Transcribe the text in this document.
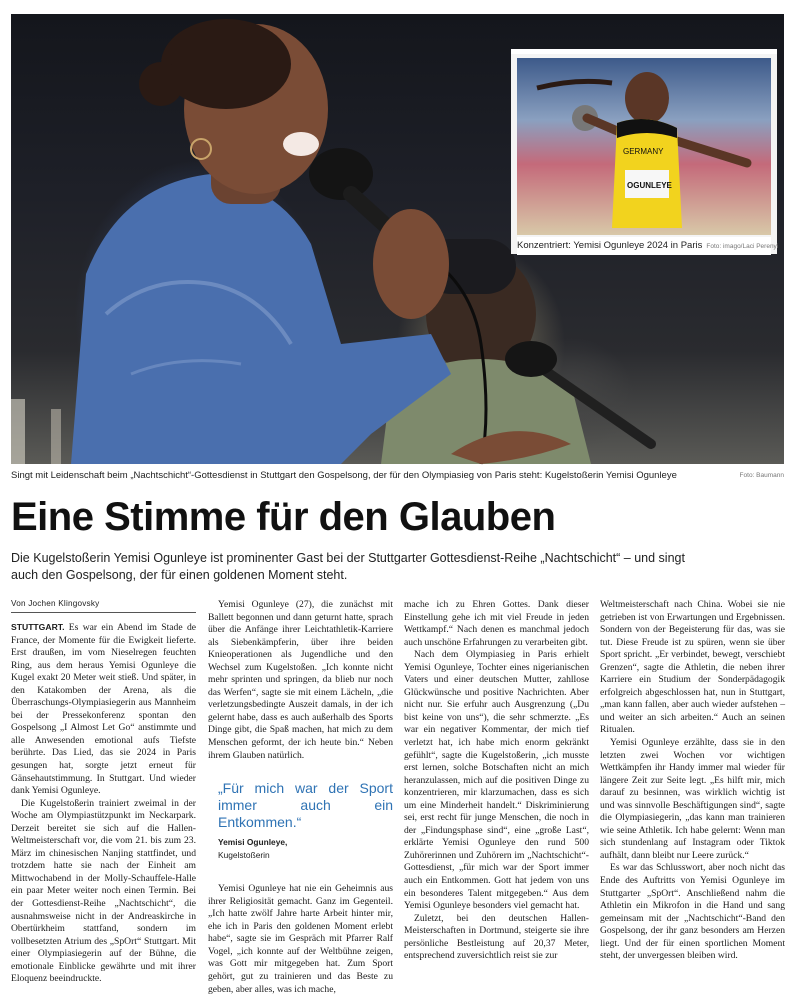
GERMANY
OGUNLEYE
Konzentriert: Yemisi Ogunleye 2024 in Paris Foto: imago/Laci Perenyi
Singt mit Leidenschaft beim „Nachtschicht“-Gottesdienst in Stuttgart den Gospelsong, der für den Olympiasieg von Paris steht: Kugelstoßerin Yemisi Ogunleye	Foto: Baumann
Eine Stimme für den Glauben

Die Kugelstoßerin Yemisi Ogunleye ist prominenter Gast bei der Stuttgarter Gottesdienst-Reihe „Nachtschicht“ – und singt auch den Gospelsong, der für einen goldenen Moment steht.

Von Jochen Klingovsky

STUTTGART. Es war ein Abend im Stade de France, der Momente für die Ewigkeit lieferte. Erst draußen, im vom Nieselregen feuchten Ring, aus dem heraus Yemisi Ogunleye die Kugel exakt 20 Meter weit stieß. Und später, in den Katakomben der Arena, als die Überraschungs-Olympiasiegerin aus Mannheim bei der Pressekonferenz spontan den Gospelsong „I Almost Let Go“ anstimmte und alle Anwesenden emotional aufs Tiefste berührte. Das Lied, das sie 2024 in Paris gesungen hat, sorgte jetzt erneut für Gänsehautstimmung. In Stuttgart. Und wieder dank Yemisi Ogunleye.

Die Kugelstoßerin trainiert zweimal in der Woche am Olympiastützpunkt im Neckarpark. Derzeit bereitet sie sich auf die Hallen-Weltmeisterschaft vor, die vom 21. bis zum 23. März im chinesischen Nanjing stattfindet, und trotzdem hatte sie nach der Einheit am Mittwochabend in der Molly-Schauffele-Halle ein paar Meter weiter noch einen Termin. Bei der Gottesdienst-Reihe „Nachtschicht“, die ausnahmsweise nicht in der Andreaskirche in Obertürkheim stattfand, sondern im vollbesetzten Atrium des „SpOrt“ Stuttgart. Mit einer Olympiasiegerin auf der Bühne, die emotionale Einblicke gewährte und mit ihrer Eloquenz beeindruckte.

Yemisi Ogunleye (27), die zunächst mit Ballett begonnen und dann geturnt hatte, sprach über die Anfänge ihrer Leichtathletik-Karriere als Siebenkämpferin, über ihre beiden Knieoperationen als Jugendliche und den Wechsel zum Kugelstoßen. „Ich konnte nicht mehr sprinten und springen, da blieb nur noch das Werfen“, sagte sie mit einem Lächeln, „die verletzungsbedingte Auszeit damals, in der ich gelernt habe, dass es auch außerhalb des Sports Dinge gibt, die Spaß machen, hat mich zu dem Menschen geformt, der ich heute bin.“ Neben ihrem Glauben natürlich.

„Für mich war der Sport immer auch ein Entkommen.“
Yemisi Ogunleye,
Kugelstoßerin

Yemisi Ogunleye hat nie ein Geheimnis aus ihrer Religiosität gemacht. Ganz im Gegenteil. „Ich hatte zwölf Jahre harte Arbeit hinter mir, ehe ich in Paris den goldenen Moment erlebt habe“, sagte sie im Gespräch mit Pfarrer Ralf Vogel, „ich konnte auf der Weltbühne zeigen, was Gott mir mitgegeben hat. Zum Sport gehört, gut zu trainieren und das Beste zu geben, aber alles, was ich mache,

mache ich zu Ehren Gottes. Dank dieser Einstellung gehe ich mit viel Freude in jeden Wettkampf.“ Nach denen es manchmal jedoch auch unschöne Erfahrungen zu verarbeiten gibt.

Nach dem Olympiasieg in Paris erhielt Yemisi Ogunleye, Tochter eines nigerianischen Vaters und einer deutschen Mutter, zahllose Glückwünsche und positive Nachrichten. Aber nicht nur. Sie erfuhr auch Ausgrenzung („Du bist keine von uns“), die sehr schmerzte. „Es war ein negativer Kommentar, der mich tief verletzt hat, ich habe mich enorm gekränkt gefühlt“, sagte die Kugelstoßerin, „ich musste erst lernen, solche Botschaften nicht an mich heranzulassen, mich auf die positiven Dinge zu konzentrieren, mir klarzumachen, dass es sich um eine Minderheit handelt.“ Diskriminierung sei, erst recht für junge Menschen, die noch in der „Findungsphase sind“, eine „große Last“, erklärte Yemisi Ogunleye den rund 500 Zuhörerinnen und Zuhörern im „Nachtschicht“-Gottesdienst, „für mich war der Sport immer auch ein Entkommen. Gott hat jedem von uns ein besonderes Talent mitgegeben.“ Aus dem Yemisi Ogunleye besonders viel gemacht hat.

Zuletzt, bei den deutschen Hallen-Meisterschaften in Dortmund, steigerte sie ihre persönliche Bestleistung auf 20,37 Meter, entsprechend zuversichtlich reist sie zur

Weltmeisterschaft nach China. Wobei sie nie getrieben ist von Erwartungen und Ergebnissen. Sondern von der Begeisterung für das, was sie tut. Diese Freude ist zu spüren, wenn sie über Sport spricht. „Er verbindet, bewegt, verschiebt Grenzen“, sagte die Athletin, die neben ihrer Karriere ein Studium der Sonderpädagogik erfolgreich abgeschlossen hat, nun in Stuttgart, „man kann fallen, aber auch wieder aufstehen – und weiter an sich arbeiten.“ Auch an seinen Ritualen.

Yemisi Ogunleye erzählte, dass sie in den letzten zwei Wochen vor wichtigen Wettkämpfen ihr Handy immer mal wieder für längere Zeit zur Seite legt. „Es hilft mir, mich darauf zu besinnen, was wirklich wichtig ist und was sinnvolle Beschäftigungen sind“, sagte die Olympiasiegerin, „das kann man trainieren wie seine Athletik. Ich habe gelernt: Wenn man sich stundenlang auf Instagram oder Tiktok aufhält, dann bleibt nur Leere zurück.“

Es war das Schlusswort, aber noch nicht das Ende des Auftritts von Yemisi Ogunleye im Stuttgarter „SpOrt“. Anschließend nahm die Athletin ein Mikrofon in die Hand und sang gemeinsam mit der „Nachtschicht“-Band den Gospelsong, der ihr ganz besonders am Herzen liegt. Und der für einen sportlichen Moment steht, der unvergessen bleiben wird.
